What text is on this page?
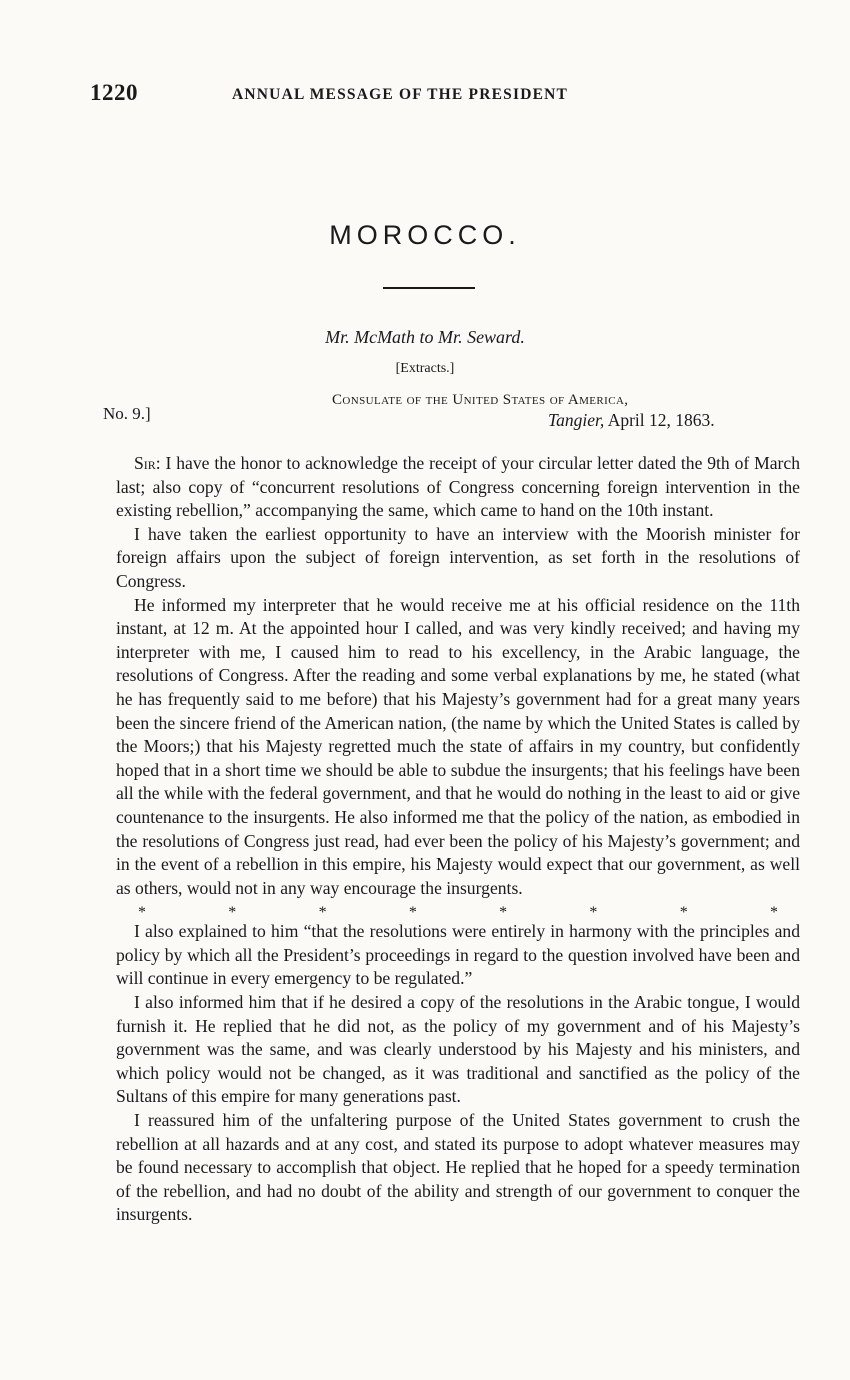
1220	ANNUAL MESSAGE OF THE PRESIDENT
MOROCCO.
Mr. McMath to Mr. Seward.
[Extracts.]
No. 9.]
Consulate of the United States of America,
Tangier, April 12, 1863.

Sir: I have the honor to acknowledge the receipt of your circular letter dated the 9th of March last; also copy of “concurrent resolutions of Congress concerning foreign intervention in the existing rebellion,” accompanying the same, which came to hand on the 10th instant.

I have taken the earliest opportunity to have an interview with the Moorish minister for foreign affairs upon the subject of foreign intervention, as set forth in the resolutions of Congress.

He informed my interpreter that he would receive me at his official residence on the 11th instant, at 12 m. At the appointed hour I called, and was very kindly received; and having my interpreter with me, I caused him to read to his excellency, in the Arabic language, the resolutions of Congress. After the reading and some verbal explanations by me, he stated (what he has frequently said to me before) that his Majesty’s government had for a great many years been the sincere friend of the American nation, (the name by which the United States is called by the Moors;) that his Majesty regretted much the state of affairs in my country, but confidently hoped that in a short time we should be able to subdue the insurgents; that his feelings have been all the while with the federal government, and that he would do nothing in the least to aid or give countenance to the insurgents. He also informed me that the policy of the nation, as embodied in the resolutions of Congress just read, had ever been the policy of his Majesty’s government; and in the event of a rebellion in this empire, his Majesty would expect that our government, as well as others, would not in any way encourage the insurgents.

*	*	*	*	*	*	*	*

I also explained to him “that the resolutions were entirely in harmony with the principles and policy by which all the President’s proceedings in regard to the question involved have been and will continue in every emergency to be regulated.”

I also informed him that if he desired a copy of the resolutions in the Arabic tongue, I would furnish it. He replied that he did not, as the policy of my government and of his Majesty’s government was the same, and was clearly understood by his Majesty and his ministers, and which policy would not be changed, as it was traditional and sanctified as the policy of the Sultans of this empire for many generations past.

I reassured him of the unfaltering purpose of the United States government to crush the rebellion at all hazards and at any cost, and stated its purpose to adopt whatever measures may be found necessary to accomplish that object. He replied that he hoped for a speedy termination of the rebellion, and had no doubt of the ability and strength of our government to conquer the insurgents.
